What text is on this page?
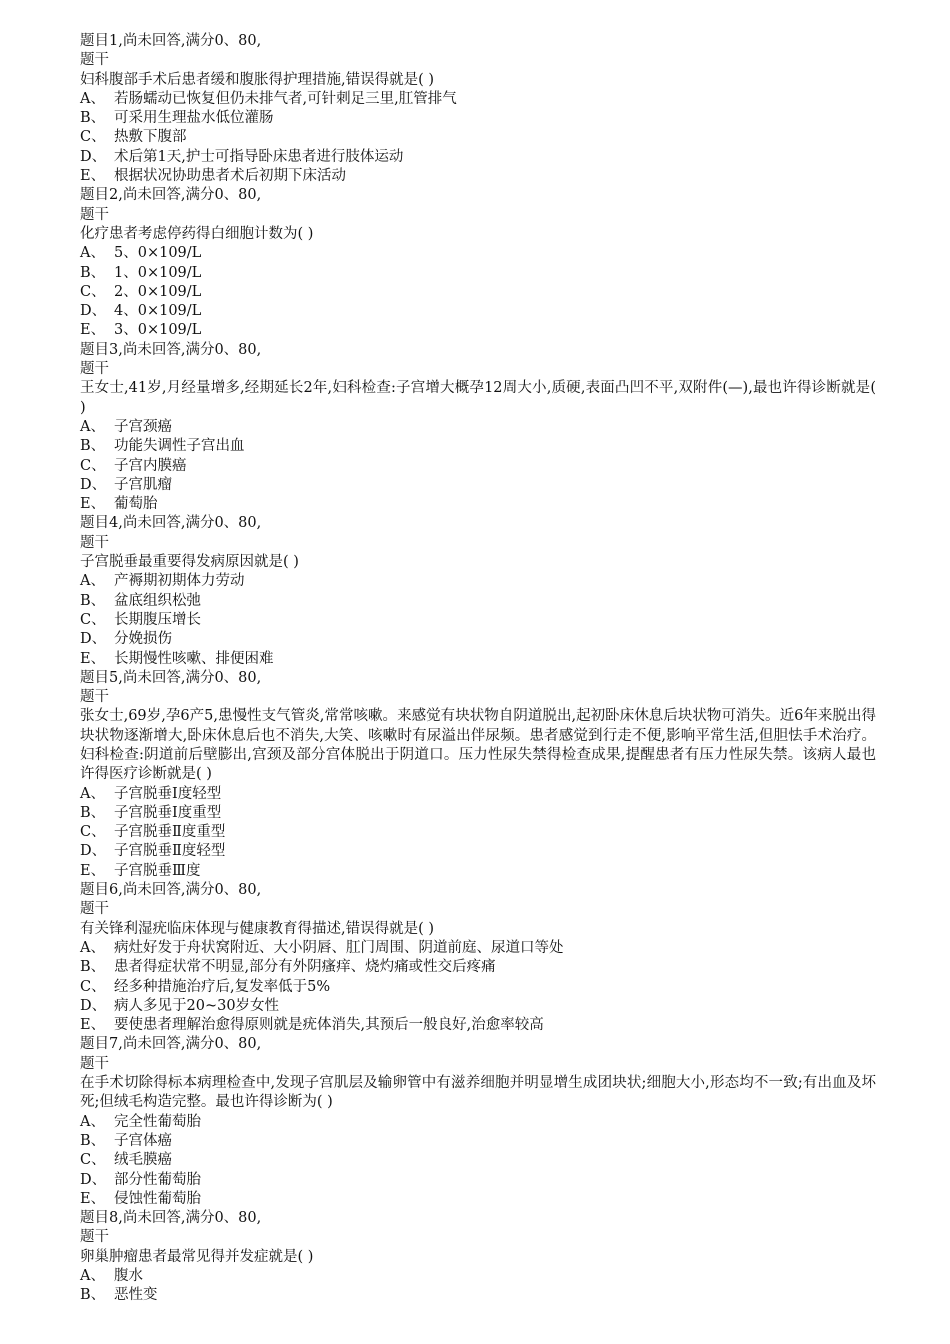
题目1,尚未回答,满分0、80,

题干

妇科腹部手术后患者缓和腹胀得护理措施,错误得就是( )

A、 若肠蠕动已恢复但仍未排气者,可针刺足三里,肛管排气
B、 可采用生理盐水低位灌肠
C、 热敷下腹部
D、 术后第1天,护士可指导卧床患者进行肢体运动
E、 根据状况协助患者术后初期下床活动

题目2,尚未回答,满分0、80,

题干

化疗患者考虑停药得白细胞计数为( )

A、 5、0×109/L
B、 1、0×109/L
C、 2、0×109/L
D、 4、0×109/L
E、 3、0×109/L

题目3,尚未回答,满分0、80,

题干

王女士,41岁,月经量增多,经期延长2年,妇科检查:子宫增大概孕12周大小,质硬,表面凸凹不平,双附件(—),最也许得诊断就是( )

A、 子宫颈癌
B、 功能失调性子宫出血
C、 子宫内膜癌
D、 子宫肌瘤
E、 葡萄胎

题目4,尚未回答,满分0、80,

题干

子宫脱垂最重要得发病原因就是( )

A、 产褥期初期体力劳动
B、 盆底组织松弛
C、 长期腹压增长
D、 分娩损伤
E、 长期慢性咳嗽、排便困难

题目5,尚未回答,满分0、80,

题干

张女士,69岁,孕6产5,患慢性支气管炎,常常咳嗽。来感觉有块状物自阴道脱出,起初卧床休息后块状物可消失。近6年来脱出得块状物逐渐增大,卧床休息后也不消失,大笑、咳嗽时有尿溢出伴尿频。患者感觉到行走不便,影响平常生活,但胆怯手术治疗。妇科检查:阴道前后壁膨出,宫颈及部分宫体脱出于阴道口。压力性尿失禁得检查成果,提醒患者有压力性尿失禁。该病人最也许得医疗诊断就是( )

A、 子宫脱垂Ⅰ度轻型
B、 子宫脱垂Ⅰ度重型
C、 子宫脱垂Ⅱ度重型
D、 子宫脱垂Ⅱ度轻型
E、 子宫脱垂Ⅲ度

题目6,尚未回答,满分0、80,

题干

有关锋利湿疣临床体现与健康教育得描述,错误得就是( )

A、 病灶好发于舟状窝附近、大小阴唇、肛门周围、阴道前庭、尿道口等处
B、 患者得症状常不明显,部分有外阴瘙痒、烧灼痛或性交后疼痛
C、 经多种措施治疗后,复发率低于5%
D、 病人多见于20~30岁女性
E、 要使患者理解治愈得原则就是疣体消失,其预后一般良好,治愈率较高

题目7,尚未回答,满分0、80,

题干

在手术切除得标本病理检查中,发现子宫肌层及输卵管中有滋养细胞并明显增生成团块状;细胞大小,形态均不一致;有出血及坏死;但绒毛构造完整。最也许得诊断为( )

A、 完全性葡萄胎
B、 子宫体癌
C、 绒毛膜癌
D、 部分性葡萄胎
E、 侵蚀性葡萄胎

题目8,尚未回答,满分0、80,

题干

卵巢肿瘤患者最常见得并发症就是( )

A、 腹水
B、 恶性变
